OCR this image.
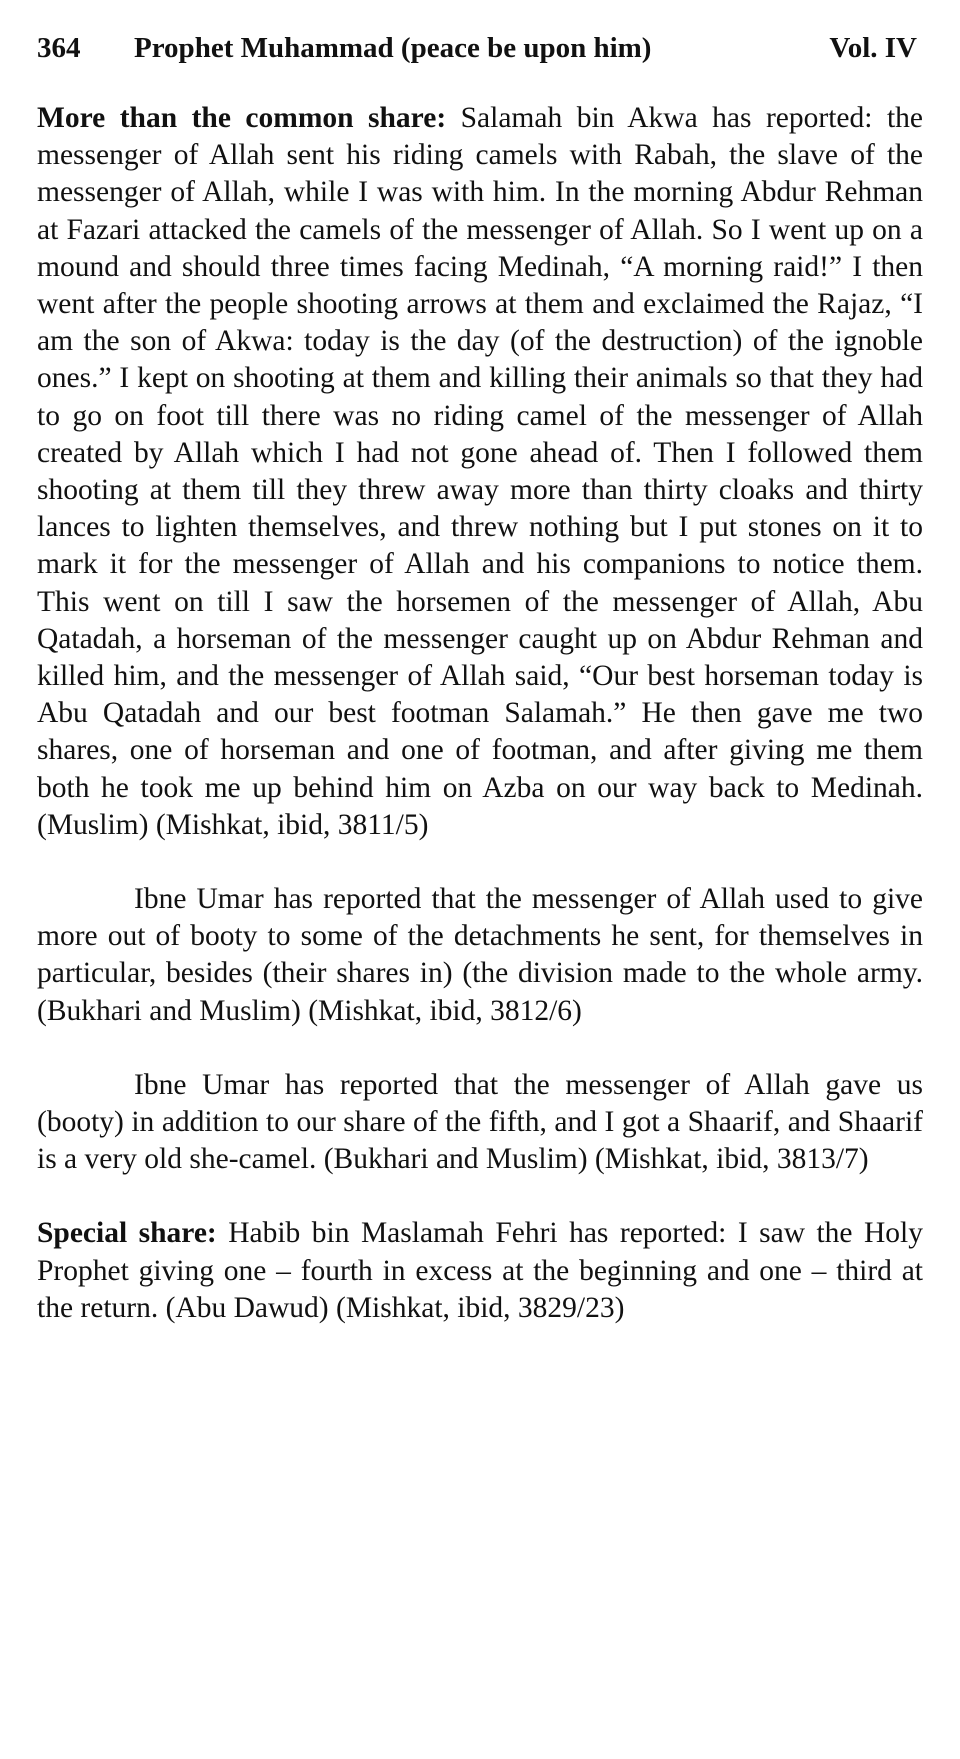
364 Prophet Muhammad (peace be upon him)	Vol. IV

More than the common share: Salamah bin Akwa has reported: the messenger of Allah sent his riding camels with Rabah, the slave of the messenger of Allah, while I was with him. In the morning Abdur Rehman at Fazari attacked the camels of the messenger of Allah. So I went up on a mound and should three times facing Medinah, “A morning raid!” I then went after the people shooting arrows at them and exclaimed the Rajaz, “I am the son of Akwa: today is the day (of the destruction) of the ignoble ones.” I kept on shooting at them and killing their animals so that they had to go on foot till there was no riding camel of the messenger of Allah created by Allah which I had not gone ahead of. Then I followed them shooting at them till they threw away more than thirty cloaks and thirty lances to lighten themselves, and threw nothing but I put stones on it to mark it for the messenger of Allah and his companions to notice them. This went on till I saw the horsemen of the messenger of Allah, Abu Qatadah, a horseman of the messenger caught up on Abdur Rehman and killed him, and the messenger of Allah said, “Our best horseman today is Abu Qatadah and our best footman Salamah.” He then gave me two shares, one of horseman and one of footman, and after giving me them both he took me up behind him on Azba on our way back to Medinah. (Muslim) (Mishkat, ibid, 3811/5)

Ibne Umar has reported that the messenger of Allah used to give more out of booty to some of the detachments he sent, for themselves in particular, besides (their shares in) (the division made to the whole army. (Bukhari and Muslim) (Mishkat, ibid, 3812/6)

Ibne Umar has reported that the messenger of Allah gave us (booty) in addition to our share of the fifth, and I got a Shaarif, and Shaarif is a very old she-camel. (Bukhari and Muslim) (Mishkat, ibid, 3813/7)

Special share: Habib bin Maslamah Fehri has reported: I saw the Holy Prophet giving one – fourth in excess at the beginning and one – third at the return. (Abu Dawud) (Mishkat, ibid, 3829/23)
